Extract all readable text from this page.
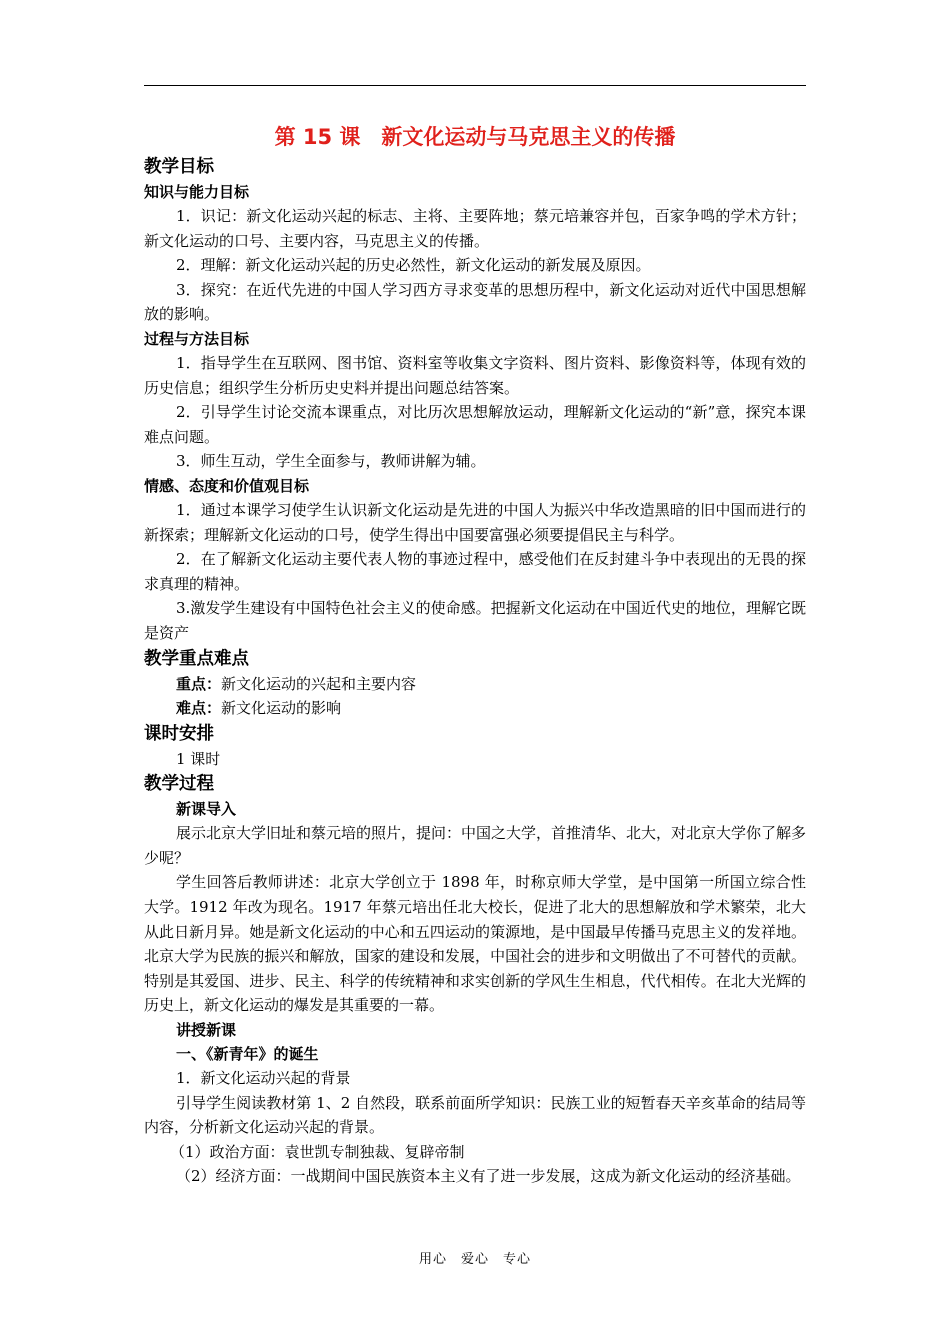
第 15 课　新文化运动与马克思主义的传播
教学目标
知识与能力目标

1．识记：新文化运动兴起的标志、主将、主要阵地；蔡元培兼容并包，百家争鸣的学术方针；新文化运动的口号、主要内容，马克思主义的传播。

2．理解：新文化运动兴起的历史必然性，新文化运动的新发展及原因。

3．探究：在近代先进的中国人学习西方寻求变革的思想历程中，新文化运动对近代中国思想解放的影响。

过程与方法目标

1．指导学生在互联网、图书馆、资料室等收集文字资料、图片资料、影像资料等，体现有效的历史信息；组织学生分析历史史料并提出问题总结答案。

2．引导学生讨论交流本课重点，对比历次思想解放运动，理解新文化运动的“新”意，探究本课难点问题。

3．师生互动，学生全面参与，教师讲解为辅。

情感、态度和价值观目标

1．通过本课学习使学生认识新文化运动是先进的中国人为振兴中华改造黑暗的旧中国而进行的新探索；理解新文化运动的口号，使学生得出中国要富强必须要提倡民主与科学。

2．在了解新文化运动主要代表人物的事迹过程中，感受他们在反封建斗争中表现出的无畏的探求真理的精神。

3.激发学生建设有中国特色社会主义的使命感。把握新文化运动在中国近代史的地位，理解它既是资产

教学重点难点

重点：新文化运动的兴起和主要内容

难点：新文化运动的影响

课时安排

1 课时

教学过程
新课导入

展示北京大学旧址和蔡元培的照片，提问：中国之大学，首推清华、北大，对北京大学你了解多少呢？

学生回答后教师讲述：北京大学创立于 1898 年，时称京师大学堂，是中国第一所国立综合性大学。1912 年改为现名。1917 年蔡元培出任北大校长，促进了北大的思想解放和学术繁荣，北大从此日新月异。她是新文化运动的中心和五四运动的策源地，是中国最早传播马克思主义的发祥地。北京大学为民族的振兴和解放，国家的建设和发展，中国社会的进步和文明做出了不可替代的贡献。特别是其爱国、进步、民主、科学的传统精神和求实创新的学风生生相息，代代相传。在北大光辉的历史上，新文化运动的爆发是其重要的一幕。

讲授新课
一、《新青年》的诞生

1．新文化运动兴起的背景

引导学生阅读教材第 1、2 自然段，联系前面所学知识：民族工业的短暂春天辛亥革命的结局等内容，分析新文化运动兴起的背景。

（1）政治方面：袁世凯专制独裁、复辟帝制

（2）经济方面：一战期间中国民族资本主义有了进一步发展，这成为新文化运动的经济基础。

用心　爱心　专心
